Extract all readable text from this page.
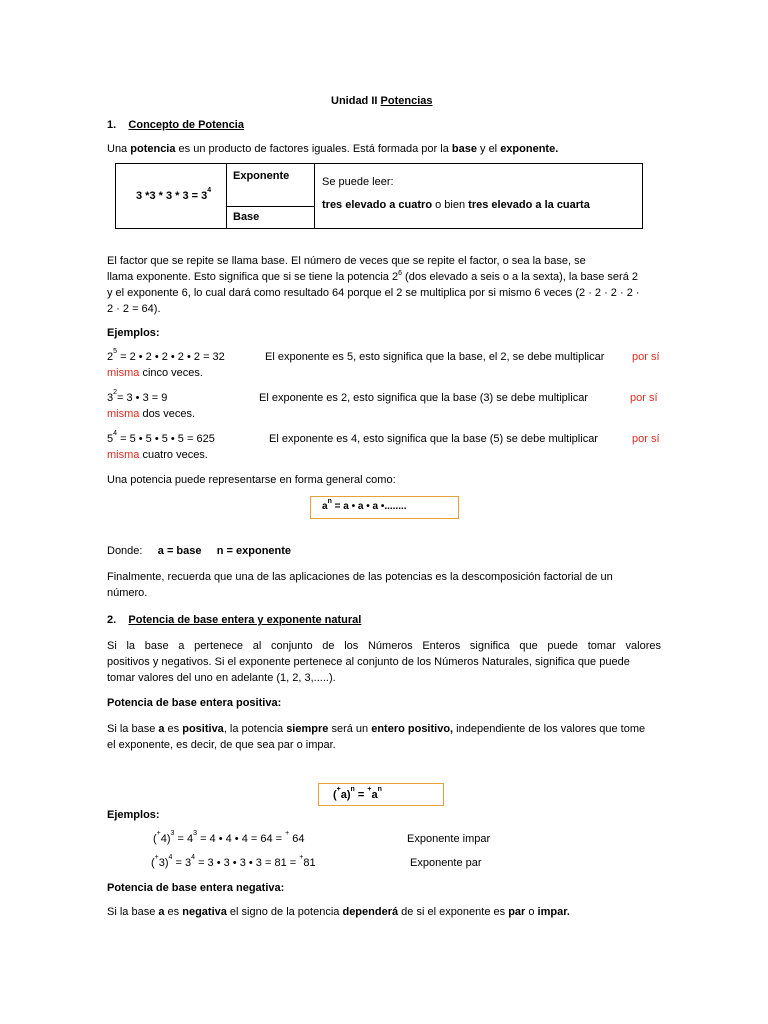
Unidad II Potencias
1. Concepto de Potencia
Una potencia es un producto de factores iguales. Está formada por la base y el exponente.
3 $*3 * 3 * 3 = 3^4$
Exponente
Base
Se puede leer:
tres elevado a cuatro o bien tres elevado a la cuarta
El factor que se repite se llama base. El número de veces que se repite el factor, o sea la base, se
llama exponente. Esto significa que si se tiene la potencia $2^6$ (dos elevado a seis o a la sexta), la base será 2
y el exponente 6, lo cual dará como resultado 64 porque el 2 se multiplica por si mismo 6 veces (2 · 2 · 2 · 2 ·
2 · 2 = 64).
Ejemplos:
$2^5 = 2$ • 2 • 2 • 2 • 2 = 32	El exponente es 5, esto significa que la base, el 2, se debe multiplicar	por sí
misma cinco veces.
$3^2= 3$ • 3 = 9	El exponente es 2, esto significa que la base (3) se debe multiplicar	por sí
misma dos veces.
$5^4 = 5$ • 5 • 5 • 5 = 625	El exponente es 4, esto significa que la base (5) se debe multiplicar	por sí
misma cuatro veces.
Una potencia puede representarse en forma general como:
$a^n = a$ • a • a •........
Donde: a = base n = exponente
Finalmente, recuerda que una de las aplicaciones de las potencias es la descomposición factorial de un
número.
2. Potencia de base entera y exponente natural
Si la base a pertenece al conjunto de los Números Enteros significa que puede tomar valores
positivos y negativos. Si el exponente pertenece al conjunto de los Números Naturales, significa que puede
tomar valores del uno en adelante (1, 2, 3,.....).
Potencia de base entera positiva:
Si la base a es positiva, la potencia siempre será un entero positivo, independiente de los valores que tome
el exponente, es decir, de que sea par o impar.
$(^+a)^n = ^+a^n$
Ejemplos:
$(^+4)^3 = 4^3 = 4$ • 4 • 4 = 64 = + 64	Exponente impar
$(^+3)^4 = 3^4 = 3$ • 3 • 3 • 3 = 81 = +81	Exponente par
Potencia de base entera negativa:
Si la base a es negativa el signo de la potencia dependerá de si el exponente es par o impar.
